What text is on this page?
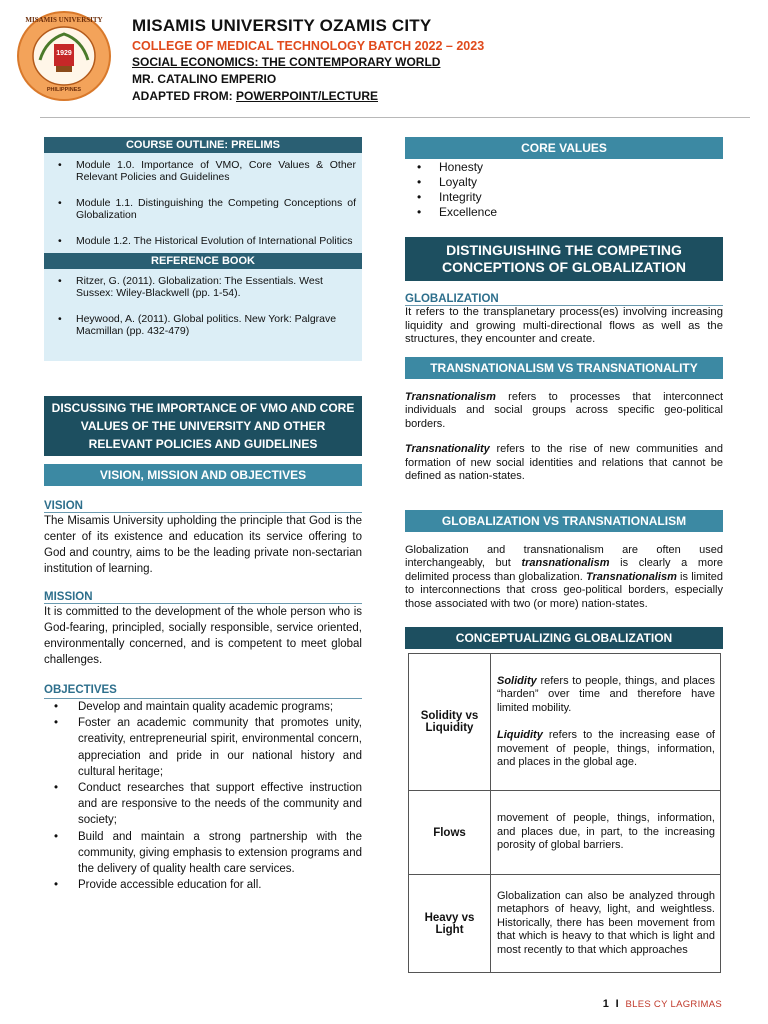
MISAMIS UNIVERSITY
1929
PHILIPPINES
MISAMIS UNIVERSITY OZAMIS CITY
COLLEGE OF MEDICAL TECHNOLOGY BATCH 2022 – 2023
SOCIAL ECONOMICS: THE CONTEMPORARY WORLD
MR. CATALINO EMPERIO
ADAPTED FROM: POWERPOINT/LECTURE
COURSE OUTLINE: PRELIMS
• Module 1.0. Importance of VMO, Core Values & Other Relevant Policies and Guidelines
• Module 1.1. Distinguishing the Competing Conceptions of Globalization
• Module 1.2. The Historical Evolution of International Politics
REFERENCE BOOK
• Ritzer, G. (2011). Globalization: The Essentials. West Sussex: Wiley-Blackwell (pp. 1-54).
• Heywood, A. (2011). Global politics. New York: Palgrave Macmillan (pp. 432-479)
DISCUSSING THE IMPORTANCE OF VMO AND CORE VALUES OF THE UNIVERSITY AND OTHER RELEVANT POLICIES AND GUIDELINES
VISION, MISSION AND OBJECTIVES
VISION
The Misamis University upholding the principle that God is the center of its existence and education its service offering to God and country, aims to be the leading private non-sectarian institution of learning.
MISSION
It is committed to the development of the whole person who is God-fearing, principled, socially responsible, service oriented, environmentally concerned, and is competent to meet global challenges.
OBJECTIVES
• Develop and maintain quality academic programs;
• Foster an academic community that promotes unity, creativity, entrepreneurial spirit, environmental concern, appreciation and pride in our national history and cultural heritage;
• Conduct researches that support effective instruction and are responsive to the needs of the community and society;
• Build and maintain a strong partnership with the community, giving emphasis to extension programs and the delivery of quality health care services.
• Provide accessible education for all.
CORE VALUES
• Honesty
• Loyalty
• Integrity
• Excellence
DISTINGUISHING THE COMPETING CONCEPTIONS OF GLOBALIZATION
GLOBALIZATION
It refers to the transplanetary process(es) involving increasing liquidity and growing multi-directional flows as well as the structures, they encounter and create.
TRANSNATIONALISM VS TRANSNATIONALITY
Transnationalism refers to processes that interconnect individuals and social groups across specific geo-political borders.
Transnationality refers to the rise of new communities and formation of new social identities and relations that cannot be defined as nation-states.
GLOBALIZATION VS TRANSNATIONALISM
Globalization and transnationalism are often used interchangeably, but transnationalism is clearly a more delimited process than globalization. Transnationalism is limited to interconnections that cross geo-political borders, especially those associated with two (or more) nation-states.
CONCEPTUALIZING GLOBALIZATION
Solidity vs Liquidity	Solidity refers to people, things, and places “harden” over time and therefore have limited mobility.
Liquidity refers to the increasing ease of movement of people, things, information, and places in the global age.

Flows	movement of people, things, information, and places due, in part, to the increasing porosity of global barriers.
Heavy vs Light	Globalization can also be analyzed through metaphors of heavy, light, and weightless. Historically, there has been movement from that which is heavy to that which is light and most recently to that which approaches
1 I BLES CY LAGRIMAS
